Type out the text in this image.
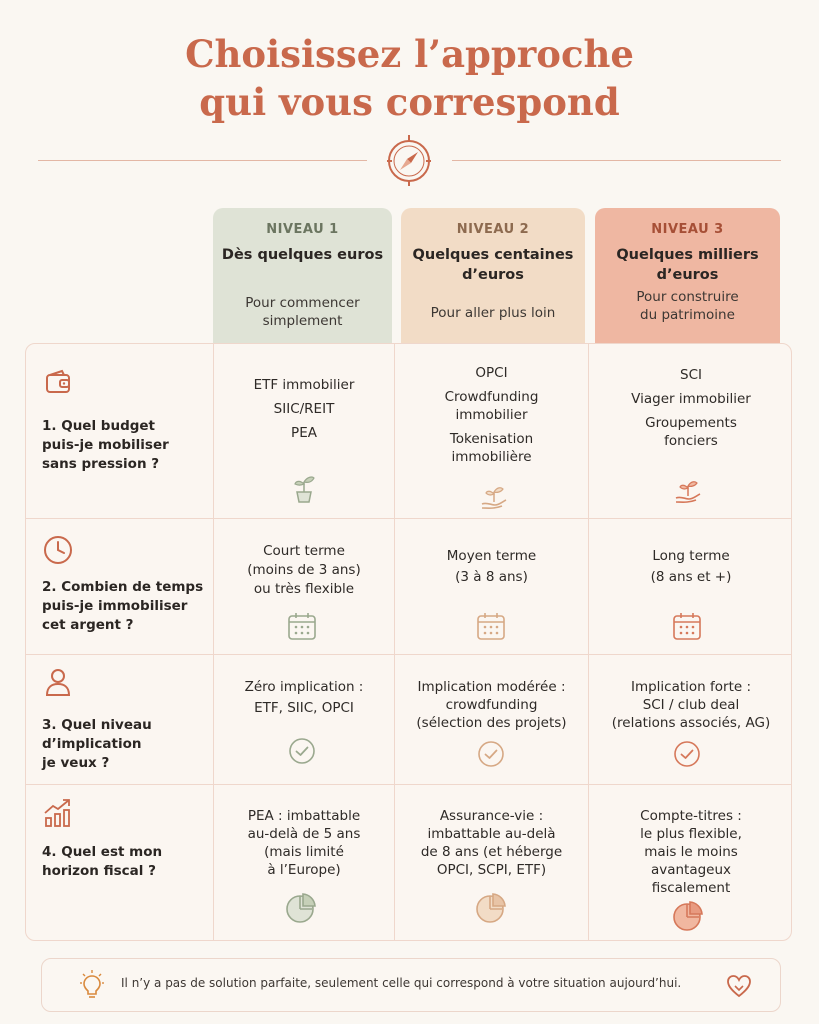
Choisissez l’approche
qui vous correspond
NIVEAU 1
Dès quelques euros
Pour commencer
simplement
NIVEAU 2
Quelques centaines
d’euros
Pour aller plus loin
NIVEAU 3
Quelques milliers
d’euros
Pour construire
du patrimoine
1. Quel budget
puis-je mobiliser
sans pression ?

ETF immobilier

SIIC/REIT

PEA

OPCI

Crowdfunding immobilier

Tokenisation immobilière

SCI

Viager immobilier

Groupements fonciers

2. Combien de temps
puis-je immobiliser
cet argent ?

Court terme

(moins de 3 ans)

ou très flexible

Moyen terme

(3 à 8 ans)

Long terme

(8 ans et +)

3. Quel niveau
d’implication
je veux ?

Zéro implication :

ETF, SIIC, OPCI

Implication modérée :

crowdfunding

(sélection des projets)

Implication forte :

SCI / club deal

(relations associés, AG)

4. Quel est mon
horizon fiscal ?

PEA : imbattable

au-delà de 5 ans

(mais limité

à l’Europe)

Assurance-vie :

imbattable au-delà

de 8 ans (et héberge

OPCI, SCPI, ETF)

Compte-titres :

le plus flexible,

mais le moins

avantageux

fiscalement

Il n’y a pas de solution parfaite, seulement celle qui correspond à votre situation aujourd’hui.
